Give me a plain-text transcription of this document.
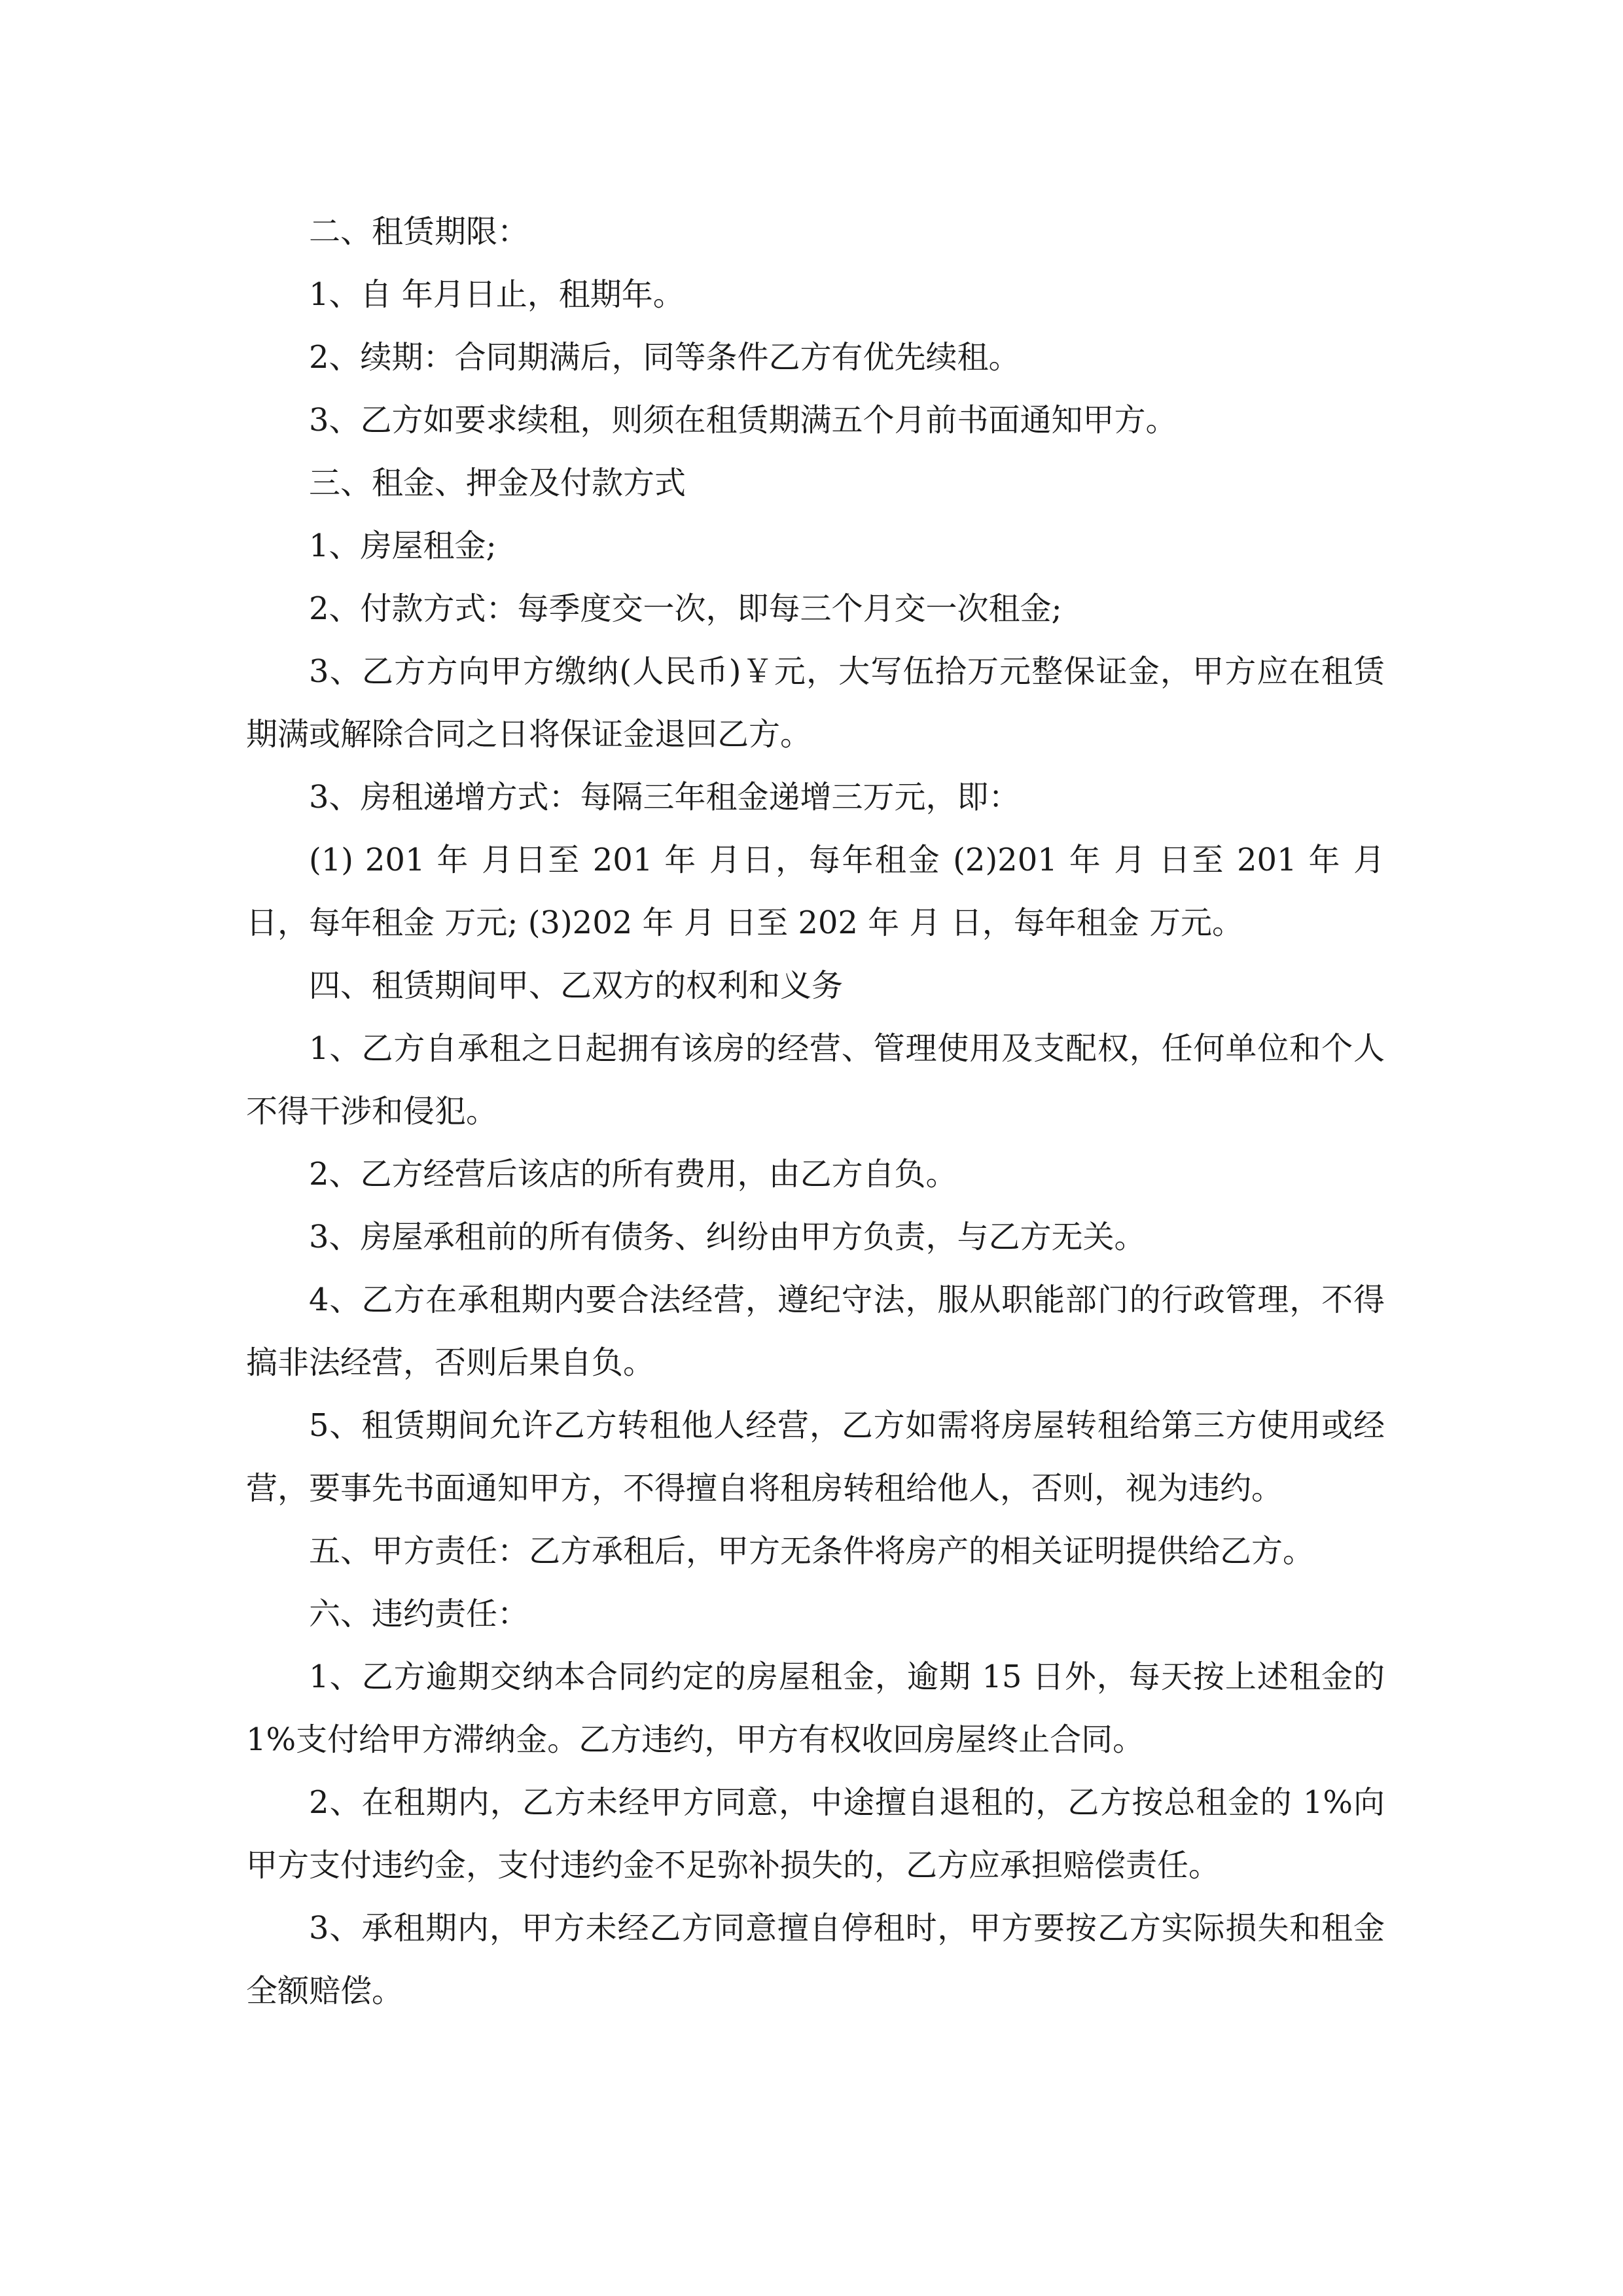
二、租赁期限：

1、自 年月日止，租期年。

2、续期：合同期满后，同等条件乙方有优先续租。

3、乙方如要求续租，则须在租赁期满五个月前书面通知甲方。

三、租金、押金及付款方式

1、房屋租金;

2、付款方式：每季度交一次，即每三个月交一次租金;

3、乙方方向甲方缴纳(人民币)￥元，大写伍拾万元整保证金，甲方应在租赁期满或解除合同之日将保证金退回乙方。

3、房租递增方式：每隔三年租金递增三万元，即：

(1) 201 年 月日至 201 年 月日，每年租金 (2)201 年 月 日至 201 年 月日，每年租金 万元; (3)202 年 月 日至 202 年 月 日，每年租金 万元。

四、租赁期间甲、乙双方的权利和义务

1、乙方自承租之日起拥有该房的经营、管理使用及支配权，任何单位和个人不得干涉和侵犯。

2、乙方经营后该店的所有费用，由乙方自负。

3、房屋承租前的所有债务、纠纷由甲方负责，与乙方无关。

4、乙方在承租期内要合法经营，遵纪守法，服从职能部门的行政管理，不得搞非法经营，否则后果自负。

5、租赁期间允许乙方转租他人经营，乙方如需将房屋转租给第三方使用或经营，要事先书面通知甲方，不得擅自将租房转租给他人，否则，视为违约。

五、甲方责任：乙方承租后，甲方无条件将房产的相关证明提供给乙方。

六、违约责任：

1、乙方逾期交纳本合同约定的房屋租金，逾期 15 日外，每天按上述租金的 1%支付给甲方滞纳金。乙方违约，甲方有权收回房屋终止合同。

2、在租期内，乙方未经甲方同意，中途擅自退租的，乙方按总租金的 1%向甲方支付违约金，支付违约金不足弥补损失的，乙方应承担赔偿责任。

3、承租期内，甲方未经乙方同意擅自停租时，甲方要按乙方实际损失和租金全额赔偿。
